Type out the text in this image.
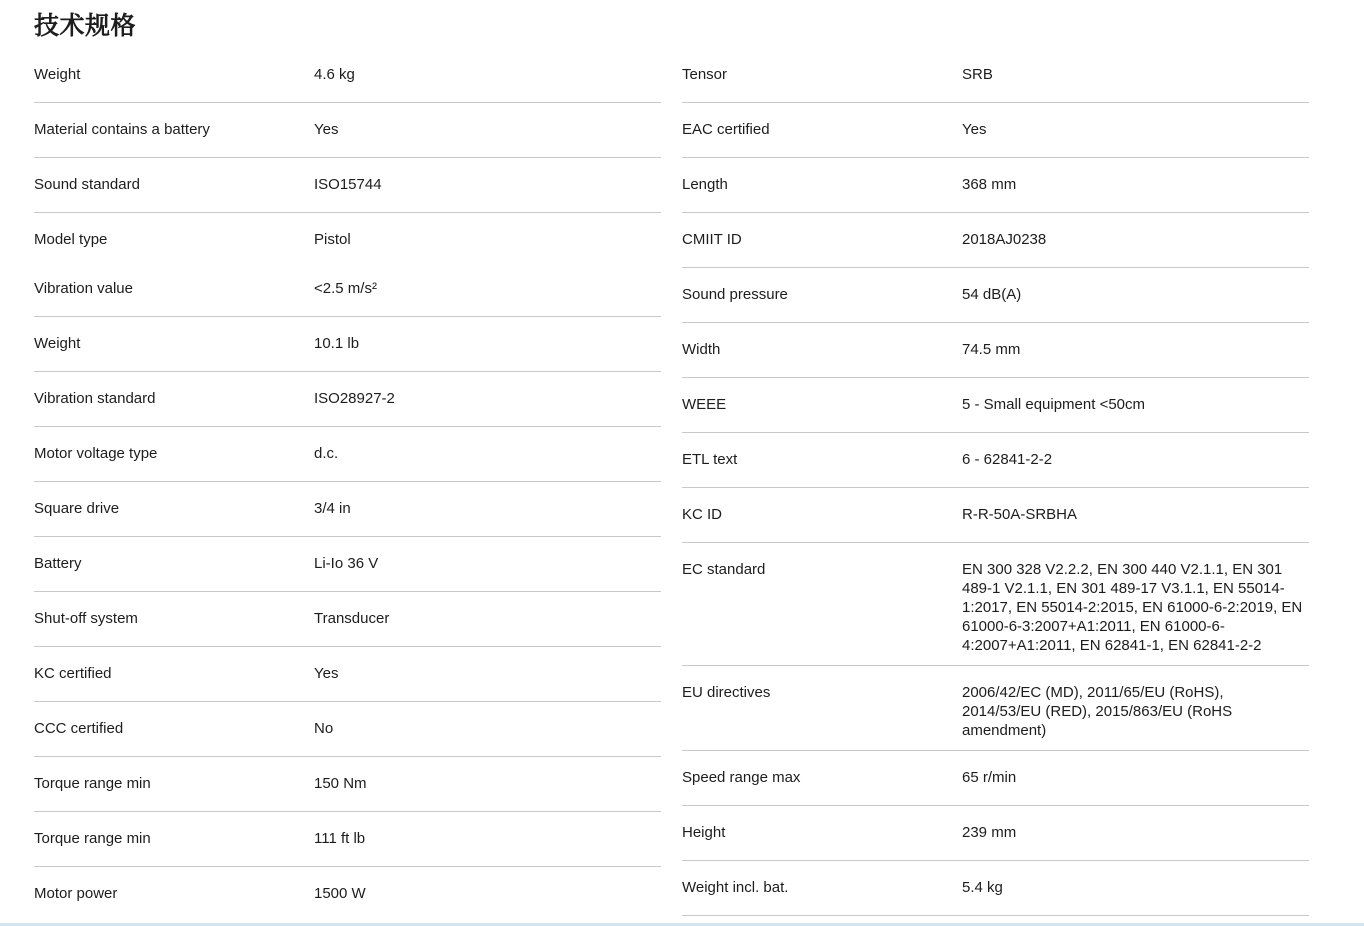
技术规格
Weight	4.6 kg
Material contains a battery	Yes
Sound standard	ISO15744
Model type	Pistol
Vibration value	<2.5 m/s²
Weight	10.1 lb
Vibration standard	ISO28927-2
Motor voltage type	d.c.
Square drive	3/4 in
Battery	Li-Io 36 V
Shut-off system	Transducer
KC certified	Yes
CCC certified	No
Torque range min	150 Nm
Torque range min	111 ft lb
Motor power	1500 W
Tensor	SRB
EAC certified	Yes
Length	368 mm
CMIIT ID	2018AJ0238
Sound pressure	54 dB(A)
Width	74.5 mm
WEEE	5 - Small equipment <50cm
ETL text	6 - 62841-2-2
KC ID	R-R-50A-SRBHA
EC standard	EN 300 328 V2.2.2, EN 300 440 V2.1.1, EN 301 489-1 V2.1.1, EN 301 489-17 V3.1.1, EN 55014-1:2017, EN 55014-2:2015, EN 61000-6-2:2019, EN 61000-6-3:2007+A1:2011, EN 61000-6-4:2007+A1:2011, EN 62841-1, EN 62841-2-2
EU directives	2006/42/EC (MD), 2011/65/EU (RoHS), 2014/53/EU (RED), 2015/863/EU (RoHS amendment)
Speed range max	65 r/min
Height	239 mm
Weight incl. bat.	5.4 kg
